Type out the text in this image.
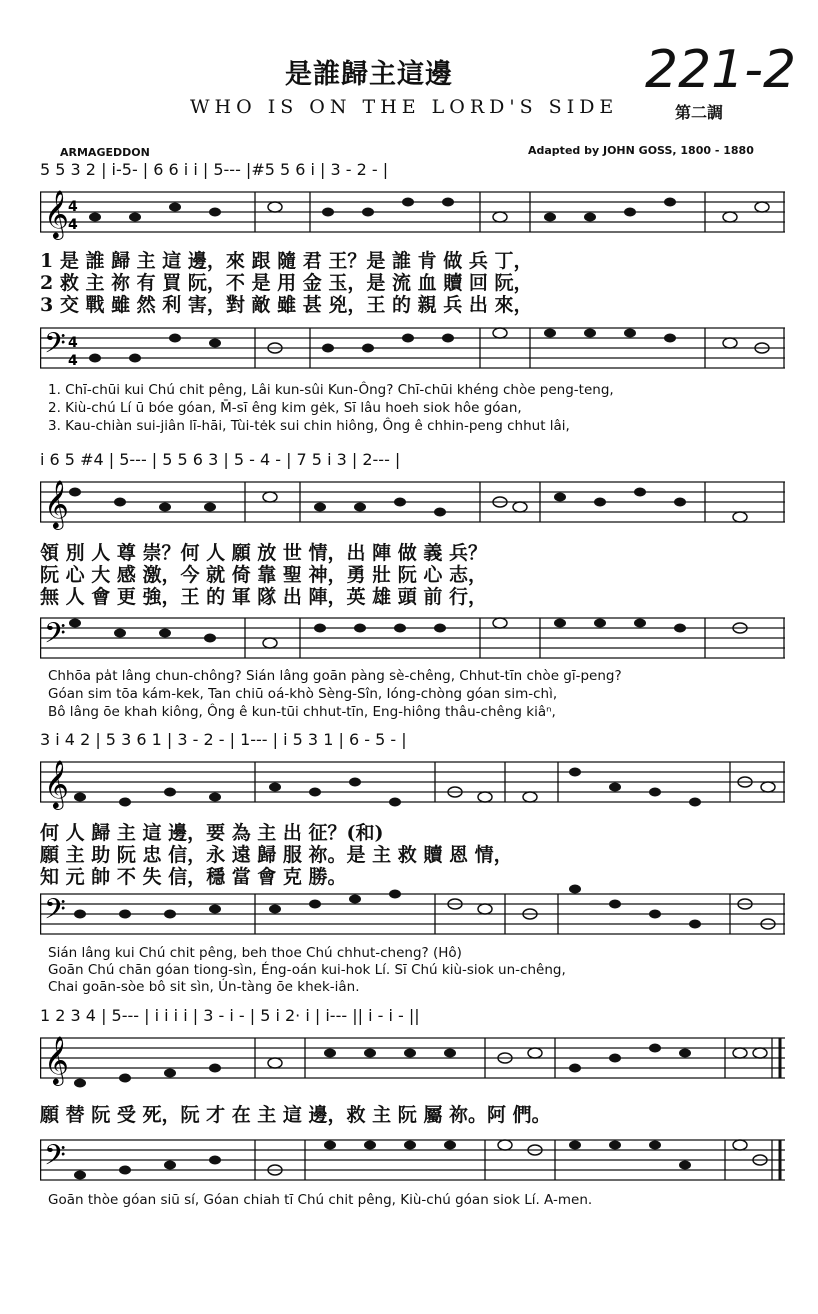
是誰歸主這邊
WHO IS ON THE LORD'S SIDE
221-2
第二調
ARMAGEDDON	Adapted by JOHN GOSS, 1800 - 1880
5 5 3 2 | i-5- | 6 6 i i | 5--- |#5 5 6 i | 3 - 2 - |
𝄞 4
4
1 是 誰 歸 主 這 邊，來 跟 隨 君 王？是 誰 肯 做 兵 丁，
2 救 主 祢 有 買 阮，不 是 用 金 玉，是 流 血 贖 回 阮，
3 交 戰 雖 然 利 害，對 敵 雖 甚 兇，王 的 親 兵 出 來，
𝄢 4
4
1. Chī-chūi kui Chú chit pêng, Lâi kun-sûi Kun-Ông? Chī-chūi khéng chòe peng-teng,
2. Kiù-chú Lí ū bóe góan, M̄-sī êng kim gėk, Sī lâu hoeh siok hôe góan,
3. Kau-chiàn sui-jiân lī-hāi, Tùi-tėk sui chin hiông, Ông ê chhin-peng chhut lâi,
i 6 5 #4 | 5--- | 5 5 6 3 | 5 - 4 - | 7 5 i 3 | 2--- |
𝄞
領 別 人 尊 崇？何 人 願 放 世 情，出 陣 做 義 兵？
阮 心 大 感 激，今 就 倚 靠 聖 神，勇 壯 阮 心 志，
無 人 會 更 強，王 的 軍 隊 出 陣，英 雄 頭 前 行，
𝄢
Chhōa pa̍t lâng chun-chông? Sián lâng goān pàng sè-chêng, Chhut-tīn chòe gī-peng?
Góan sim tōa kám-kek, Tan chiū oá-khò Sèng-Sîn, Ióng-chòng góan sim-chì,
Bô lâng ōe khah kiông, Ông ê kun-tūi chhut-tīn, Eng-hiông thâu-chêng kiâⁿ,
3 i 4 2 | 5 3 6 1 | 3 - 2 - | 1--- | i 5 3 1 | 6 - 5 - |
𝄞
何 人 歸 主 這 邊，要 為 主 出 征？(和)
願 主 助 阮 忠 信，永 遠 歸 服 祢。是 主 救 贖 恩 情，
知 元 帥 不 失 信，穩 當 會 克 勝。
𝄢
Sián lâng kui Chú chit pêng, beh thoe Chú chhut-cheng? (Hô)
Goān Chú chān góan tiong-sìn, Éng-oán kui-hok Lí. Sī Chú kiù-siok un-chêng,
Chai goān-sòe bô sit sìn, Ún-tàng ōe khek-iân.
1 2 3 4 | 5--- | i i i i | 3 - i - | 5 i 2· i | i--- || i - i - ||
𝄞
願 替 阮 受 死，阮 才 在 主 這 邊，救 主 阮 屬 祢。阿 們。
𝄢
Goān thòe góan siū sí, Góan chiah tī Chú chit pêng, Kiù-chú góan siok Lí. A-men.
